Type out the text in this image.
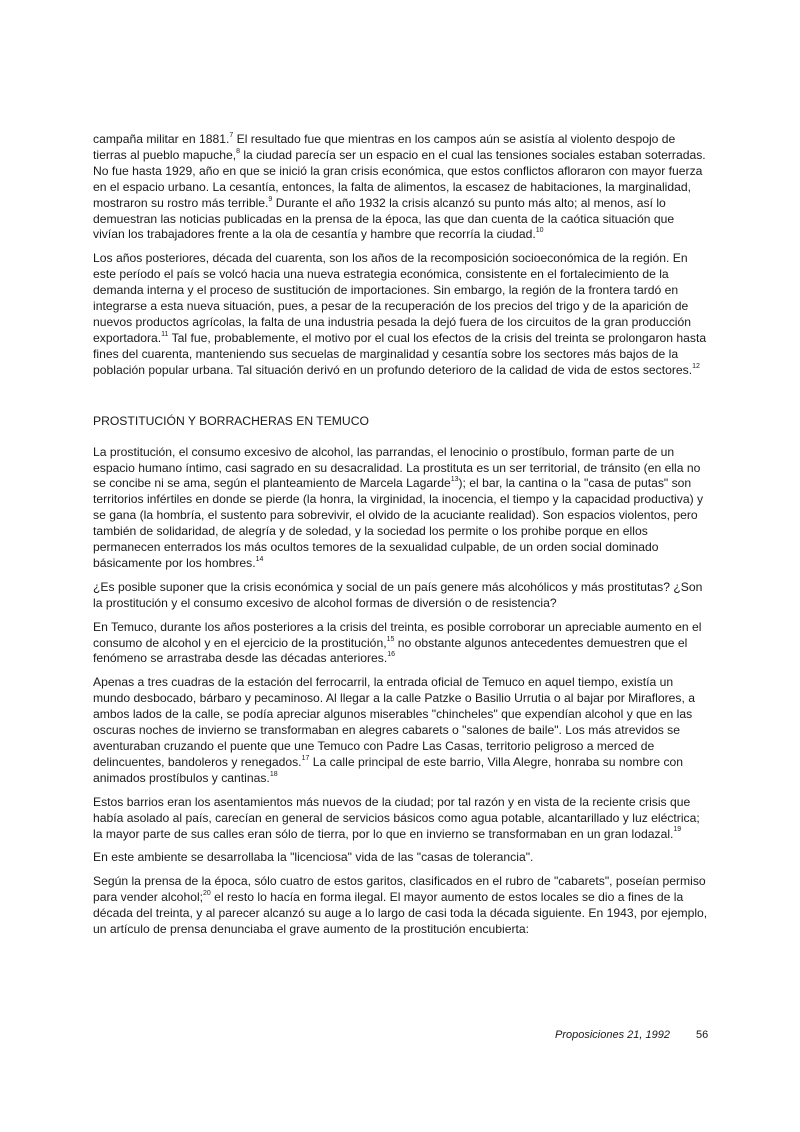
campaña militar en 1881.$^7$ El resultado fue que mientras en los campos aún se asistía al violento despojo de tierras al pueblo mapuche,$^8$ la ciudad parecía ser un espacio en el cual las tensiones sociales estaban soterradas. No fue hasta 1929, año en que se inició la gran crisis económica, que estos conflictos afloraron con mayor fuerza en el espacio urbano. La cesantía, entonces, la falta de alimentos, la escasez de habitaciones, la marginalidad, mostraron su rostro más terrible.$^9$ Durante el año 1932 la crisis alcanzó su punto más alto; al menos, así lo demuestran las noticias publicadas en la prensa de la época, las que dan cuenta de la caótica situación que vivían los trabajadores frente a la ola de cesantía y hambre que recorría la ciudad.$^{10}$

Los años posteriores, década del cuarenta, son los años de la recomposición socioeconómica de la región. En este período el país se volcó hacia una nueva estrategia económica, consistente en el fortalecimiento de la demanda interna y el proceso de sustitución de importaciones. Sin embargo, la región de la frontera tardó en integrarse a esta nueva situación, pues, a pesar de la recuperación de los precios del trigo y de la aparición de nuevos productos agrícolas, la falta de una industria pesada la dejó fuera de los circuitos de la gran producción exportadora.$^{11}$ Tal fue, probablemente, el motivo por el cual los efectos de la crisis del treinta se prolongaron hasta fines del cuarenta, manteniendo sus secuelas de marginalidad y cesantía sobre los sectores más bajos de la población popular urbana. Tal situación derivó en un profundo deterioro de la calidad de vida de estos sectores.$^{12}$

PROSTITUCIÓN Y BORRACHERAS EN TEMUCO

La prostitución, el consumo excesivo de alcohol, las parrandas, el lenocinio o prostíbulo, forman parte de un espacio humano íntimo, casi sagrado en su desacralidad. La prostituta es un ser territorial, de tránsito (en ella no se concibe ni se ama, según el planteamiento de Marcela Lagarde$^{13}$); el bar, la cantina o la "casa de putas" son territorios infértiles en donde se pierde (la honra, la virginidad, la inocencia, el tiempo y la capacidad productiva) y se gana (la hombría, el sustento para sobrevivir, el olvido de la acuciante realidad). Son espacios violentos, pero también de solidaridad, de alegría y de soledad, y la sociedad los permite o los prohibe porque en ellos permanecen enterrados los más ocultos temores de la sexualidad culpable, de un orden social dominado básicamente por los hombres.$^{14}$

¿Es posible suponer que la crisis económica y social de un país genere más alcohólicos y más prostitutas? ¿Son la prostitución y el consumo excesivo de alcohol formas de diversión o de resistencia?

En Temuco, durante los años posteriores a la crisis del treinta, es posible corroborar un apreciable aumento en el consumo de alcohol y en el ejercicio de la prostitución,$^{15}$ no obstante algunos antecedentes demuestren que el fenómeno se arrastraba desde las décadas anteriores.$^{16}$

Apenas a tres cuadras de la estación del ferrocarril, la entrada oficial de Temuco en aquel tiempo, existía un mundo desbocado, bárbaro y pecaminoso. Al llegar a la calle Patzke o Basilio Urrutia o al bajar por Miraflores, a ambos lados de la calle, se podía apreciar algunos miserables "chincheles" que expendían alcohol y que en las oscuras noches de invierno se transformaban en alegres cabarets o "salones de baile". Los más atrevidos se aventuraban cruzando el puente que une Temuco con Padre Las Casas, territorio peligroso a merced de delincuentes, bandoleros y renegados.$^{17}$ La calle principal de este barrio, Villa Alegre, honraba su nombre con animados prostíbulos y cantinas.$^{18}$

Estos barrios eran los asentamientos más nuevos de la ciudad; por tal razón y en vista de la reciente crisis que había asolado al país, carecían en general de servicios básicos como agua potable, alcantarillado y luz eléctrica; la mayor parte de sus calles eran sólo de tierra, por lo que en invierno se transformaban en un gran lodazal.$^{19}$

En este ambiente se desarrollaba la "licenciosa" vida de las "casas de tolerancia".

Según la prensa de la época, sólo cuatro de estos garitos, clasificados en el rubro de "cabarets", poseían permiso para vender alcohol;$^{20}$ el resto lo hacía en forma ilegal. El mayor aumento de estos locales se dio a fines de la década del treinta, y al parecer alcanzó su auge a lo largo de casi toda la década siguiente. En 1943, por ejemplo, un artículo de prensa denunciaba el grave aumento de la prostitución encubierta:

Proposiciones 21, 1992 56
